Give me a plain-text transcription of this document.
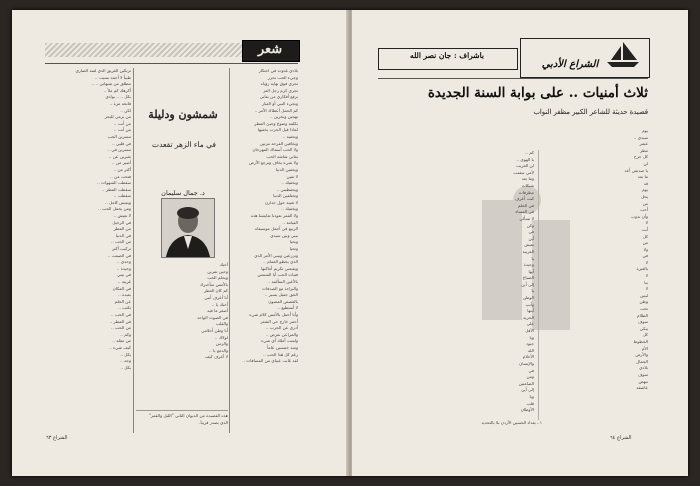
شعر
بلادي غدوت في احتكار
وجيء الحب تحرر
تجري فوق نهاية رؤياه
تجري كرم رجل العز
برفع أفكاري من يعاني
ونجيء النبي أو الغبار
كم الحمل أعطاك الأمر ..
تهجين وبحرين ..
بكلمة وضوع وجيئ المطر
لماذا قيل الحزب يخفيها
ويخفيه ..
ويخافين الفرحة مرتين
ولا الحب أسماك المهرجان
يعاني شاشة الحب
ولا شيء يخاف وترجع الأرض
ويخفين الدنيا
لا تفين
ويخفيك ..
ويحفظيني ..
وتختلفين الدنيا
لا ثغيبة حول جدارن
ويخفيك ..
ولا القمر تعودنا تعايشنا هذه
القيامة ..
الربيع في أجمل موسيقاه
بيني وبين سيدي
ونحيا
وتحيا
وتزرعين وبيني الأمر الذي
الذي يخطو الغمام ..
ويقنعني تكريم أماكنها
فتيات الحب أبا الشمس
بالأعين المتألمة ..
والبراءة مع الصدفات
الحق جميل يسير ..
بالقصص المصون
لا أستطيع ..
وأنا أحمل بالأمس كلام شيء
أحمر خارج حي الشعر
أدري عن الحرب ..
والمراعي تعرض ..
ولست أملك أي شيء
ومنذ خمسين عاماً
رغم كل هذا الحب ..
لقد غابت عيناي من المسافات ..
شمشون ودليلة
في ماء الزهر تقعدت
د. جمال سليمان
أحبك
وحين تمرين
ويحلم الحب
بالأمس سأخبرك
كم كان العطر
أنا أعرف أنني
أحبك يا ..
أصغر ما فيه
في الصوت الواحد
والقلب
أنا وطن أحلامي
لولاك ..
والزمن
والدمع يا ..
لا أعرف كيف
ترتكين الغريق الذي لعنه الضاري
ظبياً لا أحمد نسيت ..
تنطلق من شبهاتي .. ..
أكرهك كم ملأ ..
بكل .. .. بوادي
فاتحة مرة ..
لكن ..
من يرمي للبحر
من أنت ..
من أنت ..
تنسرين الحب
في قلبي ..
تنسرين في ..
تغيرين عن ..
أصبر من ..
أكثر من ..
فتحت من ..
سقطت الشهوات ..
سقطت المطر ..
سقطت ..
ويعيش كامل ..
ومن يحمل الحب ..
لا تعيش ..
في الرحيل
من المطر
في الدنيا
من الحب ..
تركيب أكثر
في الصمت ..
وحدي ..
وحيدة ..
في بيتي
غريبة ..
في المكان
بعيدة ..
عن الحلم
تكتب ..
في الحب ..
في المطر ..
من الحب ..
وكم ..
من مقلة ..
كيف شيء ..
بكل ..
وجه ..
بكل ..
هذه القصيدة من الديوان الثاني "الليل والقمر"
الذي يصدر قريباً.
الشراع ٦٣
الشراع الأدبي
باشراف : جان نصر الله
ثلاث أمنيات .. على بوابة السنة الجديدة
قصيدة حديثة للشاعر الكبير مظفر النواب
يوم
سيدي ..
عشر
مطر
كل جرح
لن
يا صديقي أعد
ما بعد
قد
يوم
يحل
من
أحب
وأن تذوب
لا
أنت
كل
من
ولا
في
لا
بالغيرة
لا
بنا
لا
ليس
وطن
تحت
الظلام
سوف
يبكي
كل
الخطوط
الأم
والأرض
الجمال
بلادي
سوف
تنهض
عاشقة
كم ..
يا الهوى ..
لن الغريب
لأمي سئمت
وما بعد
شبكات
مطرقات
كنت أعرف
في الحلم
في المساء
لا تسألي
وكن
في
أين
تعيش
الغريبة
يا
وحيدة
أيها
الضياع
إلى أين
يا
الوطن
وأنتِ
أيتها
الحرية
على
الأقل
ويا
جنود
الله
الأحلام
والإنسان
في
ومن
الصامتين
إلى أين
ويا
قلب
الأوطان
١ ـ بغداد الحسين الأردن بلا بالتحديد
الشراع ٦٤
